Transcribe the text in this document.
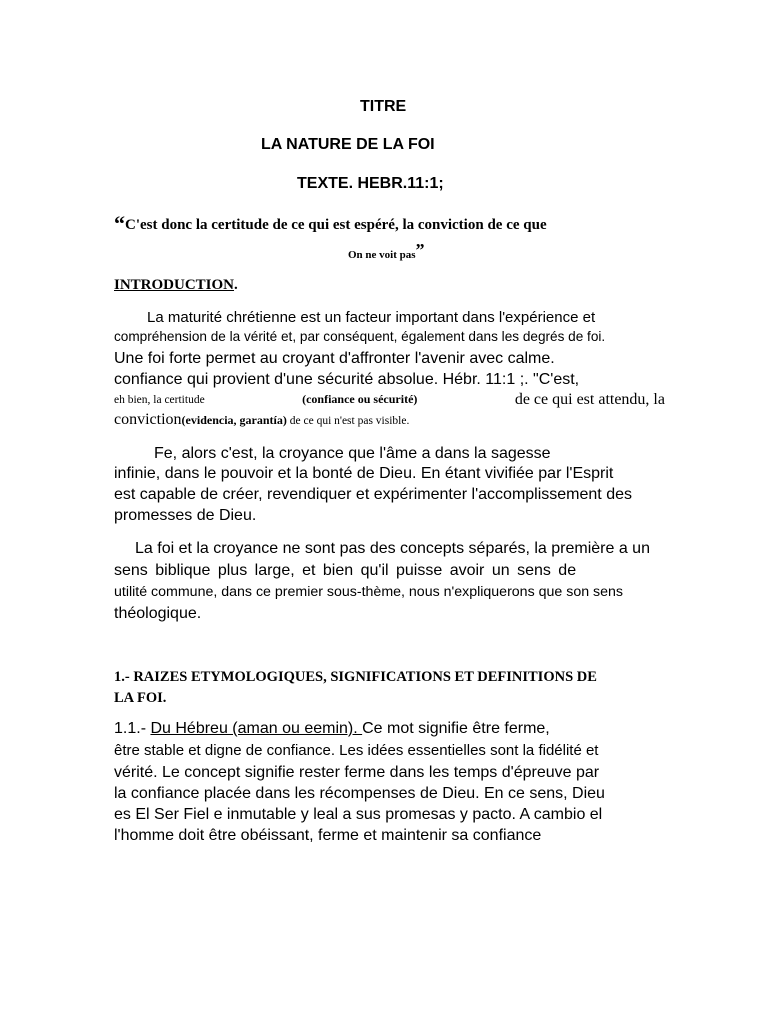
TITRE
LA NATURE DE LA FOI
TEXTE. HEBR.11:1;
“C'est donc la certitude de ce qui est espéré, la conviction de ce que
On ne voit pas”
INTRODUCTION.
La maturité chrétienne est un facteur important dans l'expérience et
compréhension de la vérité et, par conséquent, également dans les degrés de foi.
Une foi forte permet au croyant d'affronter l'avenir avec calme.
confiance qui provient d'une sécurité absolue. Hébr. 11:1 ;. "C'est,
eh bien, la certitude	(confiance ou sécurité)	de ce qui est attendu, la
conviction(evidencia, garantía) de ce qui n'est pas visible.
Fe, alors c'est, la croyance que l'âme a dans la sagesse
infinie, dans le pouvoir et la bonté de Dieu. En étant vivifiée par l'Esprit
est capable de créer, revendiquer et expérimenter l'accomplissement des
promesses de Dieu.
La foi et la croyance ne sont pas des concepts séparés, la première a un
sens biblique plus large, et bien qu'il puisse avoir un sens de
utilité commune, dans ce premier sous-thème, nous n'expliquerons que son sens
théologique.
1.- RAIZES ETYMOLOGIQUES, SIGNIFICATIONS ET DEFINITIONS DE
LA FOI.
1.1.- Du Hébreu (aman ou eemin). Ce mot signifie être ferme,
être stable et digne de confiance. Les idées essentielles sont la fidélité et
vérité. Le concept signifie rester ferme dans les temps d'épreuve par
la confiance placée dans les récompenses de Dieu. En ce sens, Dieu
es El Ser Fiel e inmutable y leal a sus promesas y pacto. A cambio el
l'homme doit être obéissant, ferme et maintenir sa confiance
